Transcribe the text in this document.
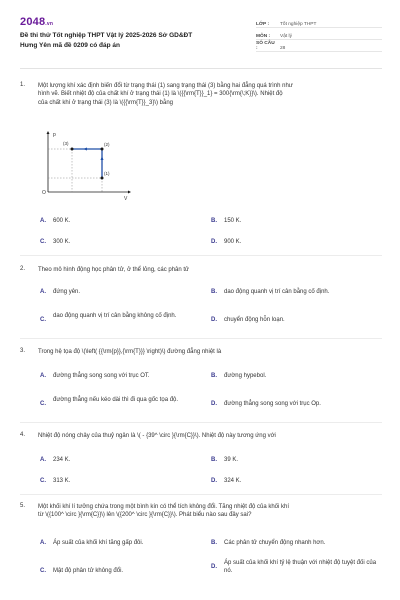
2048.vn
Đề thi thử Tốt nghiệp THPT Vật lý 2025-2026 Sở GD&ĐT
Hưng Yên mã đề 0209 có đáp án
LỚP :	Tốt nghiệp THPT
MÔN :	Vật lý
SỐ CÂU :	28
1. Một lượng khí xác định biến đổi từ trạng thái (1) sang trạng thái (3) bằng hai đẳng quá trình như
hình vẽ. Biết nhiệt độ của chất khí ở trạng thái (1) là \({{\rm{T}}_1} = 300{\rm{\;K}}\). Nhiệt độ
của chất khí ở trạng thái (3) là \({{\rm{T}}_3}\) bằng
p
V
O
(3)	(2)
(1)
A. 600 K.	B. 150 K.
C. 300 K.	D. 900 K.
2. Theo mô hình động học phân tử, ở thể lỏng, các phân tử
A. đứng yên.	B. dao động quanh vị trí cân bằng cố định.
C.
dao động quanh vị trí cân bằng không cố định.
D. chuyển động hỗn loạn.
3. Trong hệ tọa độ \(\left( {{\rm{p}},{\rm{T}}} \right)\) đường đẳng nhiệt là
A. đường thẳng song song với trục OT.	B. đường hypebol.
C.
đường thẳng nếu kéo dài thì đi qua gốc tọa độ.
D. đường thẳng song song với trục Op.
4. Nhiệt độ nóng chảy của thuỷ ngân là \( - {39^ \circ }{\rm{C}}\). Nhiệt độ này tương ứng với
A. 234 K.	B. 39 K.
C. 313 K.	D. 324 K.
5. Một khối khí lí tưởng chứa trong một bình kín có thể tích không đổi. Tăng nhiệt độ của khối khí
từ \({100^ \circ }{\rm{C}}\) lên \({200^ \circ }{\rm{C}}\). Phát biểu nào sau đây sai?
A. Áp suất của khối khí tăng gấp đôi.	B. Các phân tử chuyển động nhanh hơn.
C. Mật độ phân tử không đổi.
D.
Áp suất của khối khí tỷ lệ thuận với nhiệt độ tuyệt đối của nó.
